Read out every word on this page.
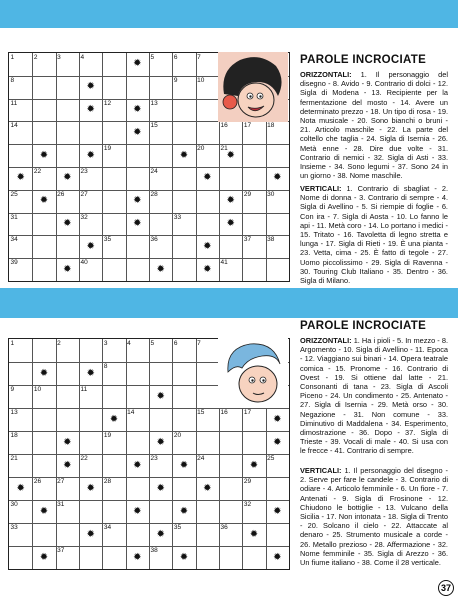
1	2	3	4	5	6	7
8	9	10
11	12	13
14	15	16 17 18
19	20 21
22	23	24
25	26 27	28	29 30
31	32	33
34	35	36	37 38
39	40	41
✹
✹
✹	✹
✹
✹	✹	✹	✹
✹	✹	✹	✹
✹	✹	✹
✹	✹	✹
✹	✹
✹	✹	✹
PAROLE INCROCIATE
ORIZZONTALI: 1. Il personaggio del disegno - 8. Avido - 9. Contrario di dolci - 12. Sigla di Modena - 13. Recipiente per la fermentazione del mosto - 14. Avere un determinato prezzo - 18. Un tipo di rosa - 19. Nota musicale - 20. Sono bianchi o bruni - 21. Articolo maschile - 22. La parte del coltello che taglia - 24. Sigla di Isernia - 26. Metà enne - 28. Dire due volte - 31. Contrario di nemici - 32. Sigla di Asti - 33. Insieme - 34. Sono legumi - 37. Sono 24 in un giorno - 38. Nome maschile.
VERTICALI: 1. Contrario di sbagliat - 2. Nome di donna - 3. Contrario di sempre - 4. Sigla di Avellino - 5. Si riempie di foglie - 6. Con ira - 7. Sigla di Aosta - 10. Lo fanno le api - 11. Metà coro - 14. Lo portano i medici - 15. Tritato - 16. Tavoletta di legno stretta e lunga - 17. Sigla di Rieti - 19. È una pianta - 23. Vetta, cima - 25. È fatto di tegole - 27. Uomo piccolissimo - 29. Sigla di Ravenna - 30. Touring Club Italiano - 35. Dentro - 36. Sigla di Milano.
1	2	3	4	5	6	7
8
9	10	11
13	14	15 16 17
18	19	20
21	22	23	24	25
26 27	28	29
30	31	32
33	34	35	36
37	38
✹	✹
✹
✹	✹
✹	✹	✹
✹	✹	✹	✹
✹	✹	✹	✹
✹	✹	✹	✹
✹	✹	✹
✹	✹	✹	✹
PAROLE INCROCIATE
ORIZZONTALI: 1. Ha i pioli - 5. In mezzo - 8. Argomento - 10. Sigla di Avellino - 11. Epoca - 12. Viaggiano sui binari - 14. Opera teatrale comica - 15. Pronome - 16. Contrario di Ovest - 19. Si ottiene dal latte - 21. Consonanti di tana - 23. Sigla di Ascoli Piceno - 24. Un condimento - 25. Antenato - 27. Sigla di Isernia - 29. Metà orso - 30. Negazione - 31. Non comune - 33. Diminutivo di Maddalena - 34. Esperimento, dimostrazione - 36. Dopo - 37. Sigla di Trieste - 39. Vocali di male - 40. Si usa con le frecce - 41. Contrario di sempre.
VERTICALI: 1. Il personaggio del disegno - 2. Serve per fare le candele - 3. Contrario di odiare - 4. Articolo femminile - 6. Un fiore - 7. Antenati - 9. Sigla di Frosinone - 12. Chiudono le bottiglie - 13. Vulcano della Sicilia - 17. Non intonata - 18. Sigla di Trento - 20. Solcano il cielo - 22. Attaccate al denaro - 25. Strumento musicale a corde - 26. Metallo prezioso - 28. Affermazione - 32. Nome femminile - 35. Sigla di Arezzo - 36. Un fiume italiano - 38. Come il 28 verticale.
37
